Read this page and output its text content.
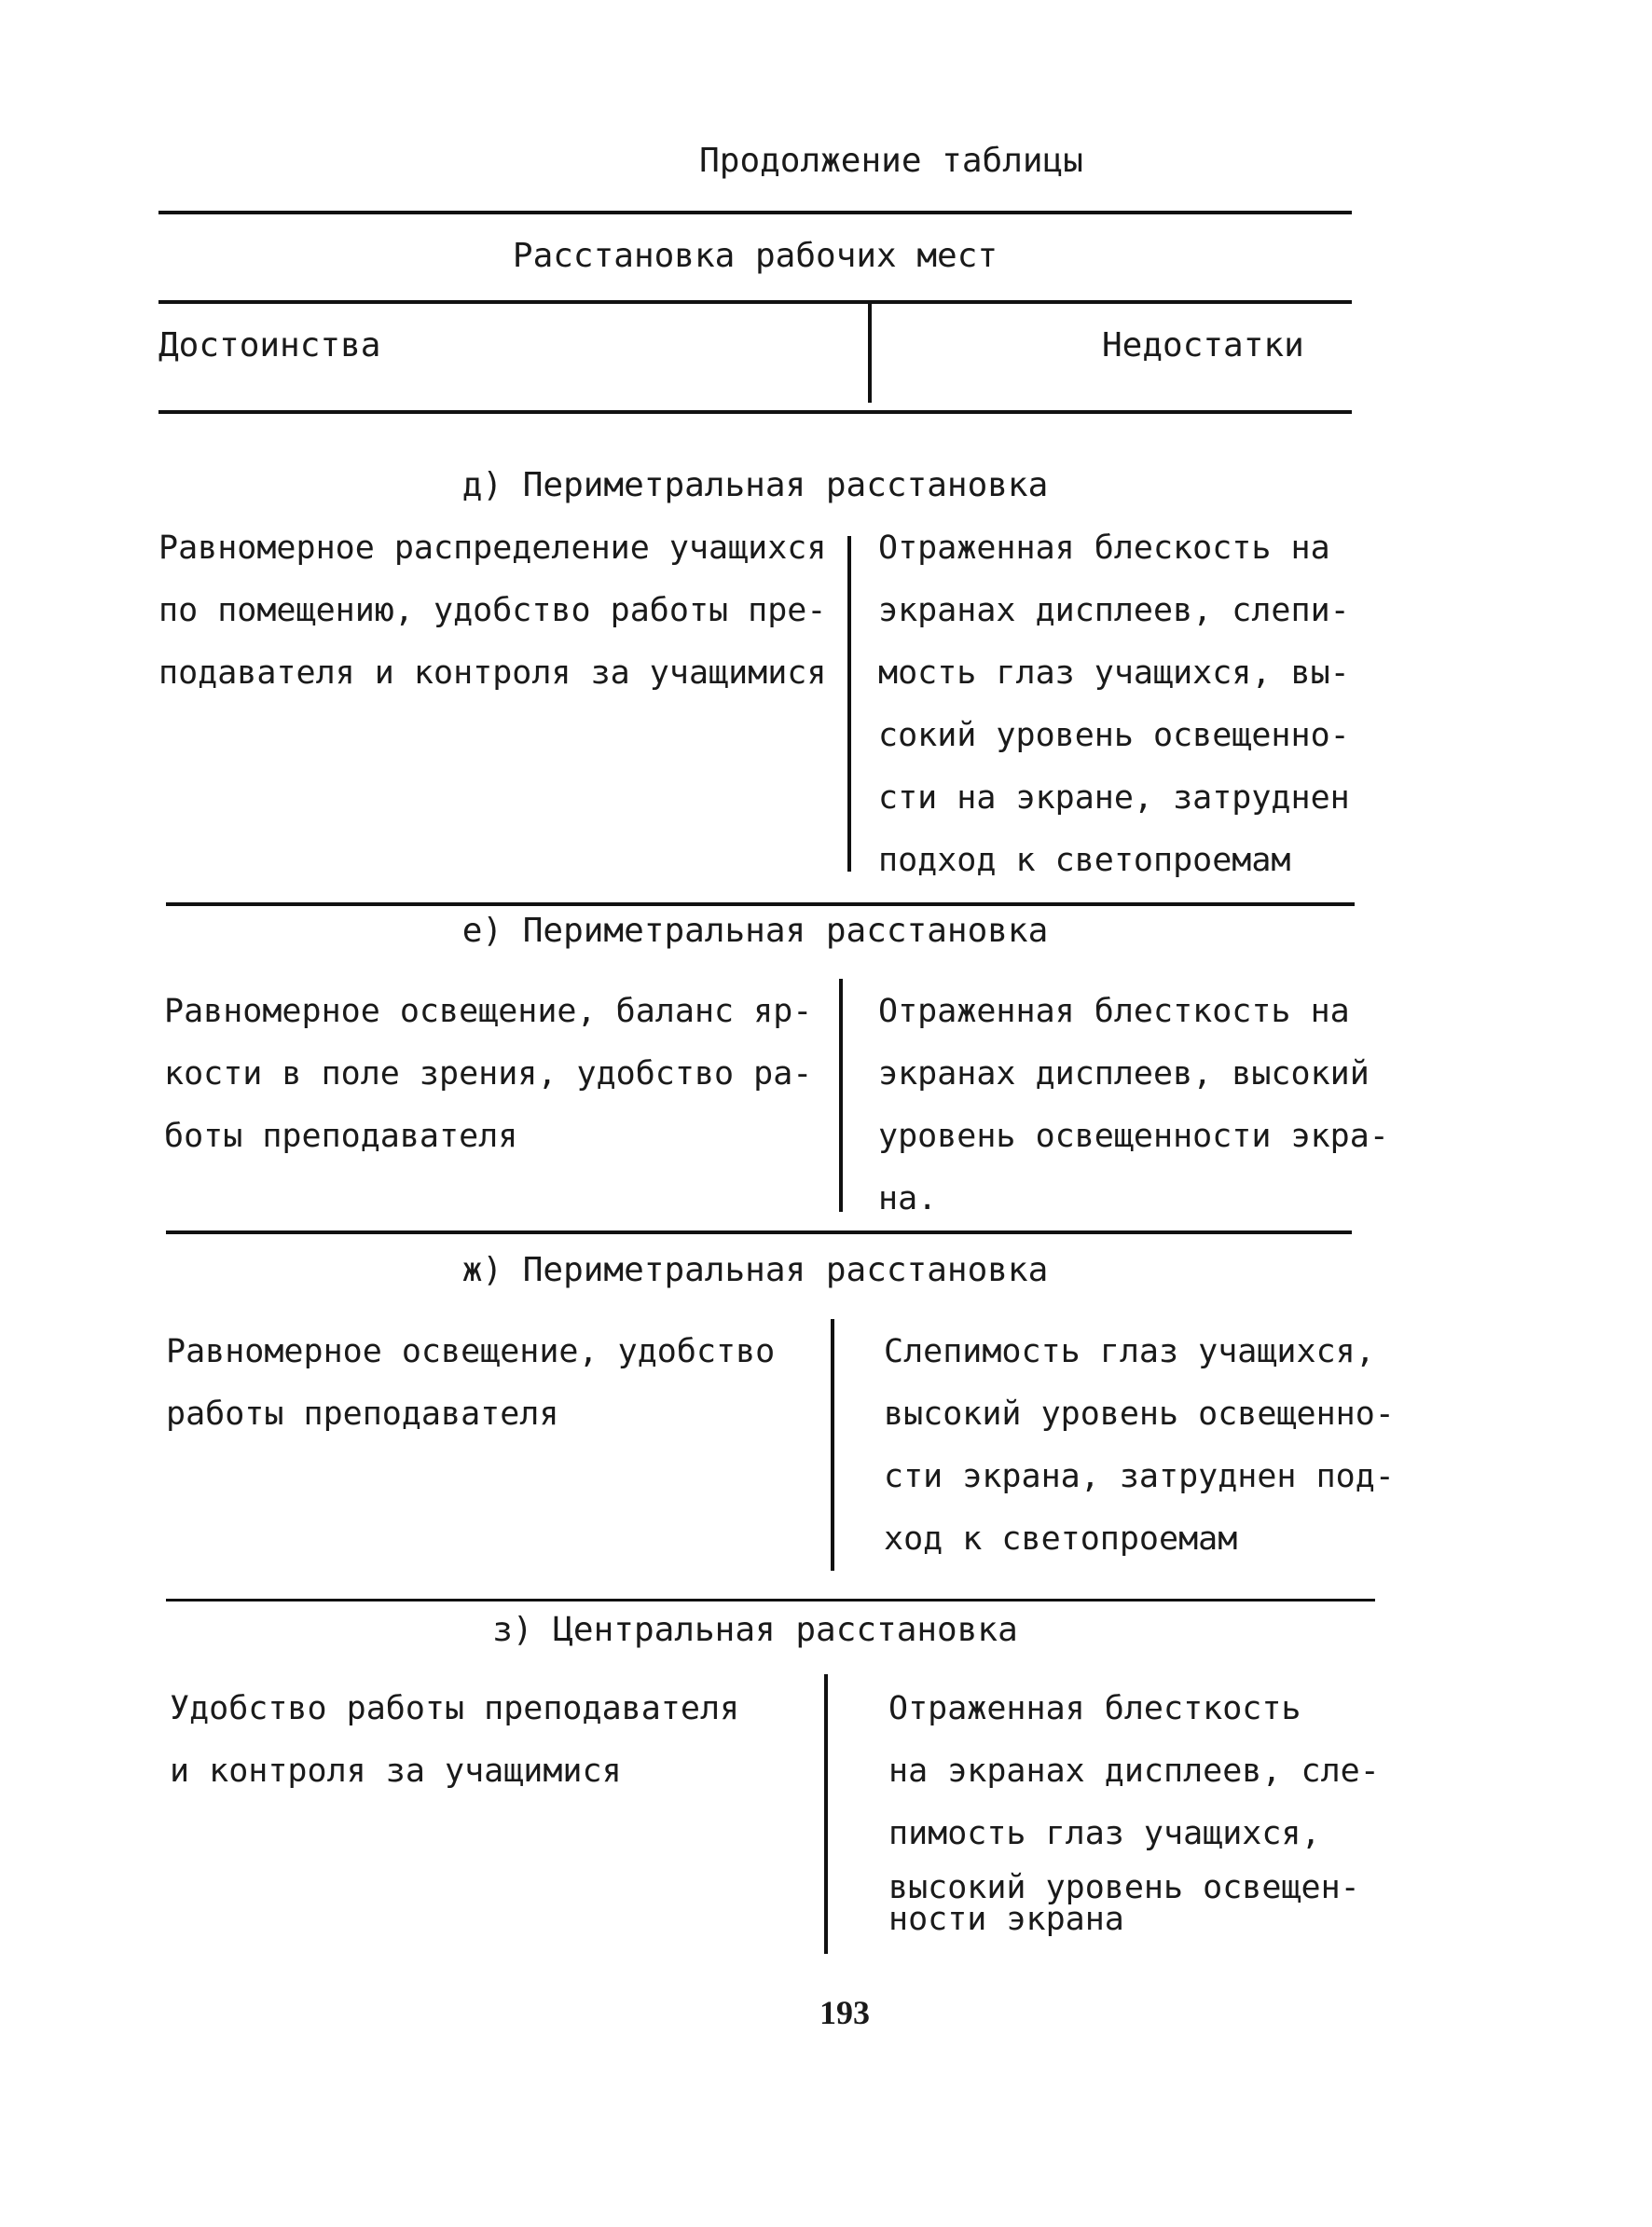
Продолжение таблицы
Расстановка рабочих мест
Достоинства	Недостатки
д) Периметральная расстановка
Равномерное распределение учащихся
по помещению, удобство работы пре-
подавателя и контроля за учащимися
Отраженная блескость на
экранах дисплеев, слепи-
мость глаз учащихся, вы-
сокий уровень освещенно-
сти на экране, затруднен
подход к светопроемам
е) Периметральная расстановка
Равномерное освещение, баланс яр-
кости в поле зрения, удобство ра-
боты преподавателя
Отраженная блесткость на
экранах дисплеев, высокий
уровень освещенности экра-
на.
ж) Периметральная расстановка
Равномерное освещение, удобство
работы преподавателя
Слепимость глаз учащихся,
высокий уровень освещенно-
сти экрана, затруднен под-
ход к светопроемам
з) Центральная расстановка
Удобство работы преподавателя
и контроля за учащимися
Отраженная блесткость
на экранах дисплеев, сле-
пимость глаз учащихся,
высокий уровень освещен-
ности экрана
193
